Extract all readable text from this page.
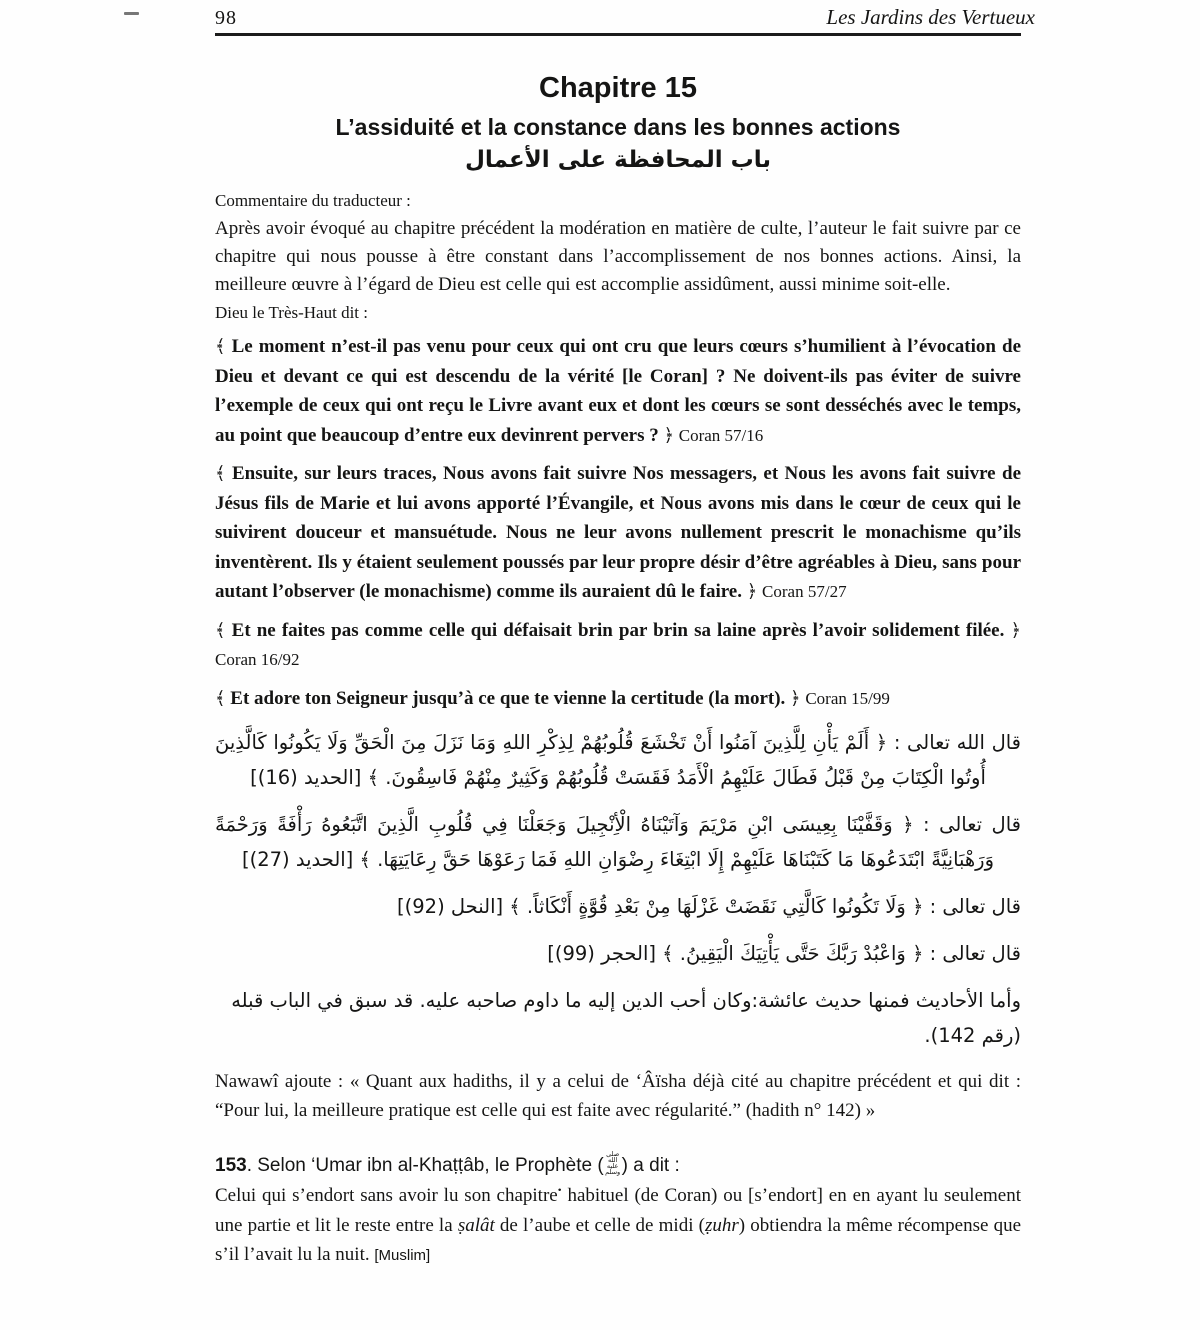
98	Les Jardins des Vertueux
Chapitre 15
L’assiduité et la constance dans les bonnes actions
باب المحافظة على الأعمال

Commentaire du traducteur :

Après avoir évoqué au chapitre précédent la modération en matière de culte, l’auteur le fait suivre par ce chapitre qui nous pousse à être constant dans l’accomplissement de nos bonnes actions. Ainsi, la meilleure œuvre à l’égard de Dieu est celle qui est accomplie assidûment, aussi minime soit-elle.

Dieu le Très-Haut dit :

﴾ Le moment n’est-il pas venu pour ceux qui ont cru que leurs cœurs s’humilient à l’évocation de Dieu et devant ce qui est descendu de la vérité [le Coran] ? Ne doivent-ils pas éviter de suivre l’exemple de ceux qui ont reçu le Livre avant eux et dont les cœurs se sont desséchés avec le temps, au point que beaucoup d’entre eux devinrent pervers ? ﴿ Coran 57/16

﴾ Ensuite, sur leurs traces, Nous avons fait suivre Nos messagers, et Nous les avons fait suivre de Jésus fils de Marie et lui avons apporté l’Évangile, et Nous avons mis dans le cœur de ceux qui le suivirent douceur et mansuétude. Nous ne leur avons nullement prescrit le monachisme qu’ils inventèrent. Ils y étaient seulement poussés par leur propre désir d’être agréables à Dieu, sans pour autant l’observer (le monachisme) comme ils auraient dû le faire. ﴿ Coran 57/27

﴾ Et ne faites pas comme celle qui défaisait brin par brin sa laine après l’avoir solidement filée. ﴿ Coran 16/92

﴾ Et adore ton Seigneur jusqu’à ce que te vienne la certitude (la mort). ﴿ Coran 15/99

قال الله تعالى : ﴿ أَلَمْ يَأْنِ لِلَّذِينَ آمَنُوا أَنْ تَخْشَعَ قُلُوبُهُمْ لِذِكْرِ اللهِ وَمَا نَزَلَ مِنَ الْحَقِّ وَلَا يَكُونُوا كَالَّذِينَ أُوتُوا الْكِتَابَ مِنْ قَبْلُ فَطَالَ عَلَيْهِمُ الْأَمَدُ فَقَسَتْ قُلُوبُهُمْ وَكَثِيرٌ مِنْهُمْ فَاسِقُونَ. ﴾ [الحديد (16)]

قال تعالى : ﴿ وَقَفَّيْنَا بِعِيسَى ابْنِ مَرْيَمَ وَآتَيْنَاهُ الْأِنْجِيلَ وَجَعَلْنَا فِي قُلُوبِ الَّذِينَ اتَّبَعُوهُ رَأْفَةً وَرَحْمَةً وَرَهْبَانِيَّةً ابْتَدَعُوهَا مَا كَتَبْنَاهَا عَلَيْهِمْ إِلَا ابْتِغَاءَ رِضْوَانِ اللهِ فَمَا رَعَوْهَا حَقَّ رِعَايَتِهَا. ﴾ [الحديد (27)]

قال تعالى : ﴿ وَلَا تَكُونُوا كَالَّتِي نَقَضَتْ غَزْلَهَا مِنْ بَعْدِ قُوَّةٍ أَنْكَاثاً. ﴾ [النحل (92)]

قال تعالى : ﴿ وَاعْبُدْ رَبَّكَ حَتَّى يَأْتِيَكَ الْيَقِينُ. ﴾ [الحجر (99)]

وأما الأحاديث فمنها حديث عائشة:وكان أحب الدين إليه ما داوم صاحبه عليه. قد سبق في الباب قبله (رقم 142).

Nawawî ajoute : « Quant aux hadiths, il y a celui de ‘Âïsha déjà cité au chapitre précédent et qui dit : “Pour lui, la meilleure pratique est celle qui est faite avec régularité.” (hadith n° 142) »

153. Selon ‘Umar ibn al-Khaṭṭâb, le Prophète (صلى الله عليه وسلم) a dit :

Celui qui s’endort sans avoir lu son chapitre• habituel (de Coran) ou [s’endort] en en ayant lu seulement une partie et lit le reste entre la ṣalât de l’aube et celle de midi (ẓuhr) obtiendra la même récompense que s’il l’avait lu la nuit. [Muslim]
